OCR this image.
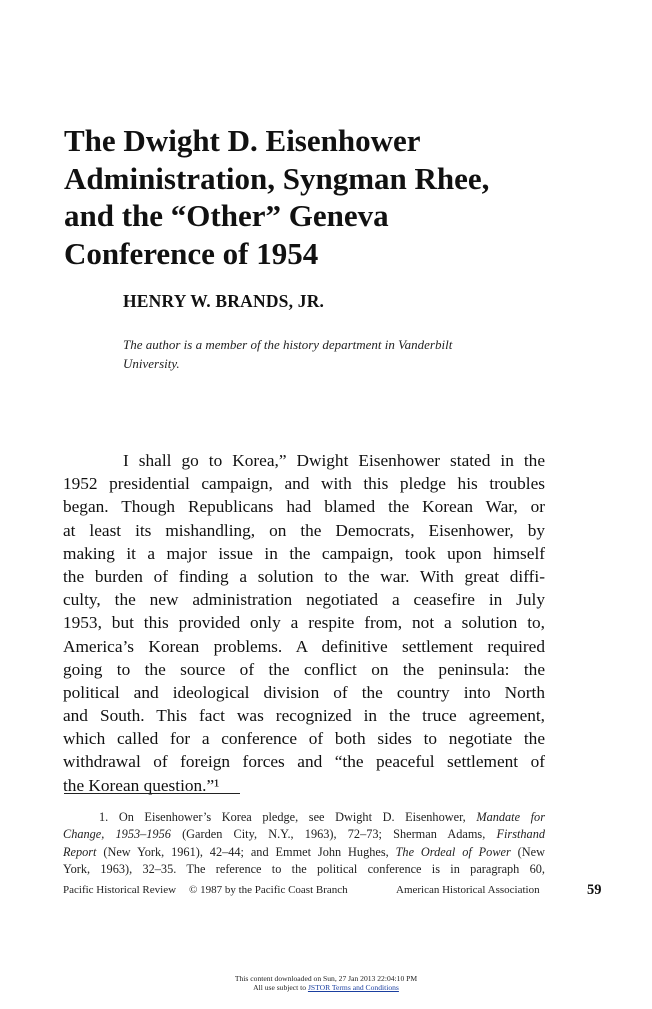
The Dwight D. Eisenhower
Administration, Syngman Rhee,
and the “Other” Geneva
Conference of 1954

HENRY W. BRANDS, JR.

The author is a member of the history department in Vanderbilt
University.

I shall go to Korea,” Dwight Eisenhower stated in the
1952 presidential campaign, and with this pledge his troubles
began. Though Republicans had blamed the Korean War, or
at least its mishandling, on the Democrats, Eisenhower, by
making it a major issue in the campaign, took upon himself
the burden of finding a solution to the war. With great diffi-
culty, the new administration negotiated a ceasefire in July
1953, but this provided only a respite from, not a solution to,
America’s Korean problems. A definitive settlement required
going to the source of the conflict on the peninsula: the
political and ideological division of the country into North
and South. This fact was recognized in the truce agreement,
which called for a conference of both sides to negotiate the
withdrawal of foreign forces and “the peaceful settlement of
the Korean question.”¹
1. On Eisenhower’s Korea pledge, see Dwight D. Eisenhower, Mandate for
Change, 1953–1956 (Garden City, N.Y., 1963), 72–73; Sherman Adams, Firsthand
Report (New York, 1961), 42–44; and Emmet John Hughes, The Ordeal of Power (New
York, 1963), 32–35. The reference to the political conference is in paragraph 60,
Pacific Historical Review © 1987 by the Pacific Coast Branch	American Historical Association	59
This content downloaded on Sun, 27 Jan 2013 22:04:10 PM
All use subject to JSTOR Terms and Conditions
